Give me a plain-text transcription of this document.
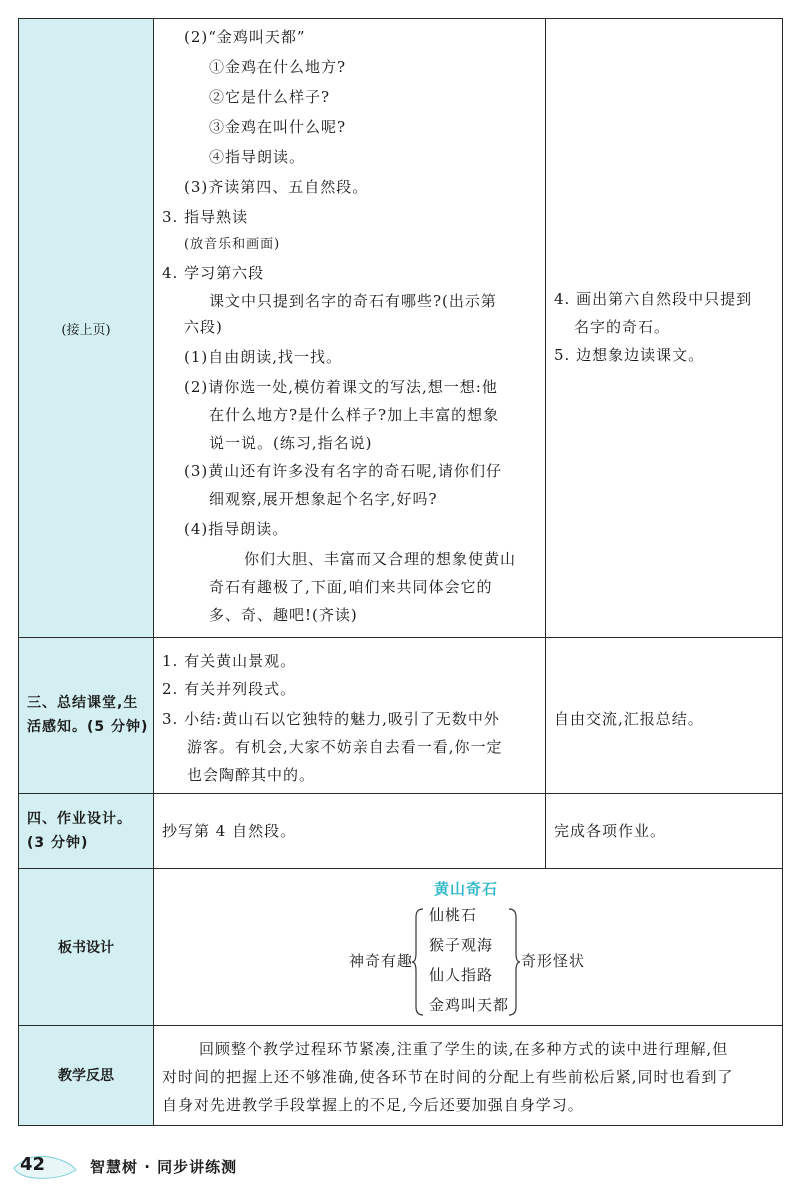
(接上页)
三、总结课堂,生
活感知。(5 分钟)
四、作业设计。
(3 分钟)
板书设计
教学反思
(2)“金鸡叫天都”
①金鸡在什么地方?
②它是什么样子?
③金鸡在叫什么呢?
④指导朗读。
(3)齐读第四、五自然段。
3. 指导熟读
(放音乐和画面)
4. 学习第六段
课文中只提到名字的奇石有哪些?(出示第
六段)
(1)自由朗读,找一找。
(2)请你选一处,模仿着课文的写法,想一想:他
在什么地方?是什么样子?加上丰富的想象
说一说。(练习,指名说)
(3)黄山还有许多没有名字的奇石呢,请你们仔
细观察,展开想象起个名字,好吗?
(4)指导朗读。
你们大胆、丰富而又合理的想象使黄山
奇石有趣极了,下面,咱们来共同体会它的
多、奇、趣吧!(齐读)
4. 画出第六自然段中只提到
名字的奇石。
5. 边想象边读课文。
1. 有关黄山景观。
2. 有关并列段式。
3. 小结:黄山石以它独特的魅力,吸引了无数中外
游客。有机会,大家不妨亲自去看一看,你一定
也会陶醉其中的。
自由交流,汇报总结。
抄写第 4 自然段。	完成各项作业。
黄山奇石
神奇有趣
仙桃石
猴子观海
仙人指路
金鸡叫天都
奇形怪状
回顾整个教学过程环节紧凑,注重了学生的读,在多种方式的读中进行理解,但
对时间的把握上还不够准确,使各环节在时间的分配上有些前松后紧,同时也看到了
自身对先进教学手段掌握上的不足,今后还要加强自身学习。
42	智慧树 · 同步讲练测
